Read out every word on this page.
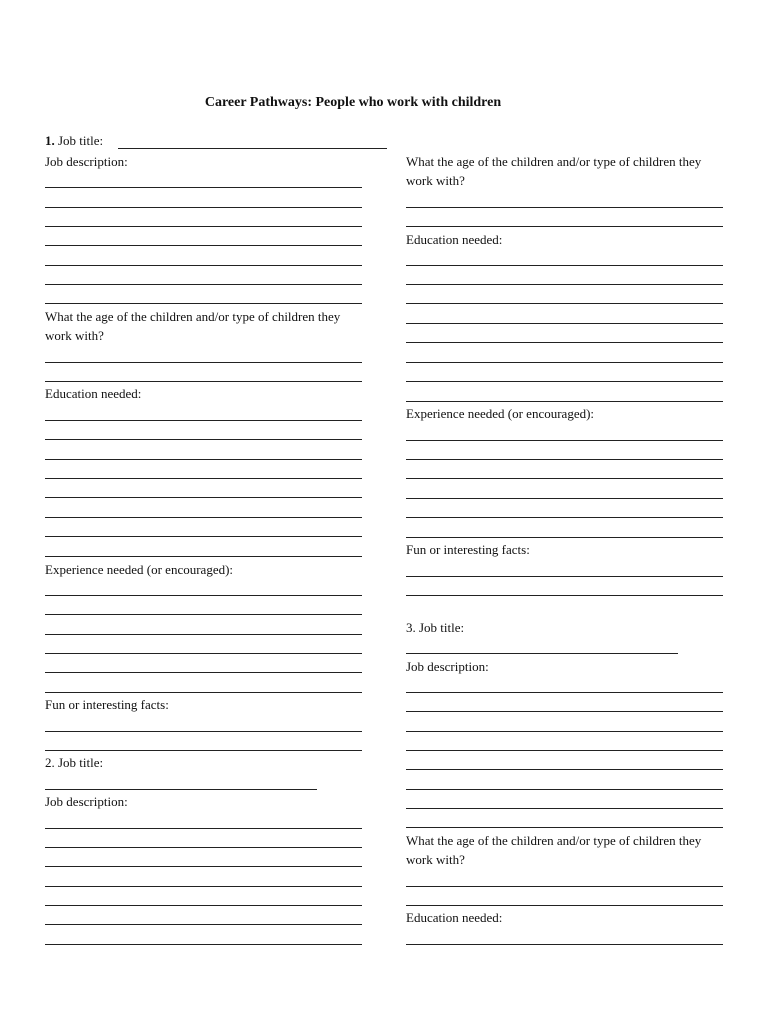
Career Pathways: People who work with children
1. Job title:
Job description:
What the age of the children and/or type of children they work with?
Education needed:
Experience needed (or encouraged):
Fun or interesting facts:
2. Job title:
Job description:
What the age of the children and/or type of children they work with?
Education needed:
Experience needed (or encouraged):
Fun or interesting facts:
3. Job title:
Job description:
What the age of the children and/or type of children they work with?
Education needed:
